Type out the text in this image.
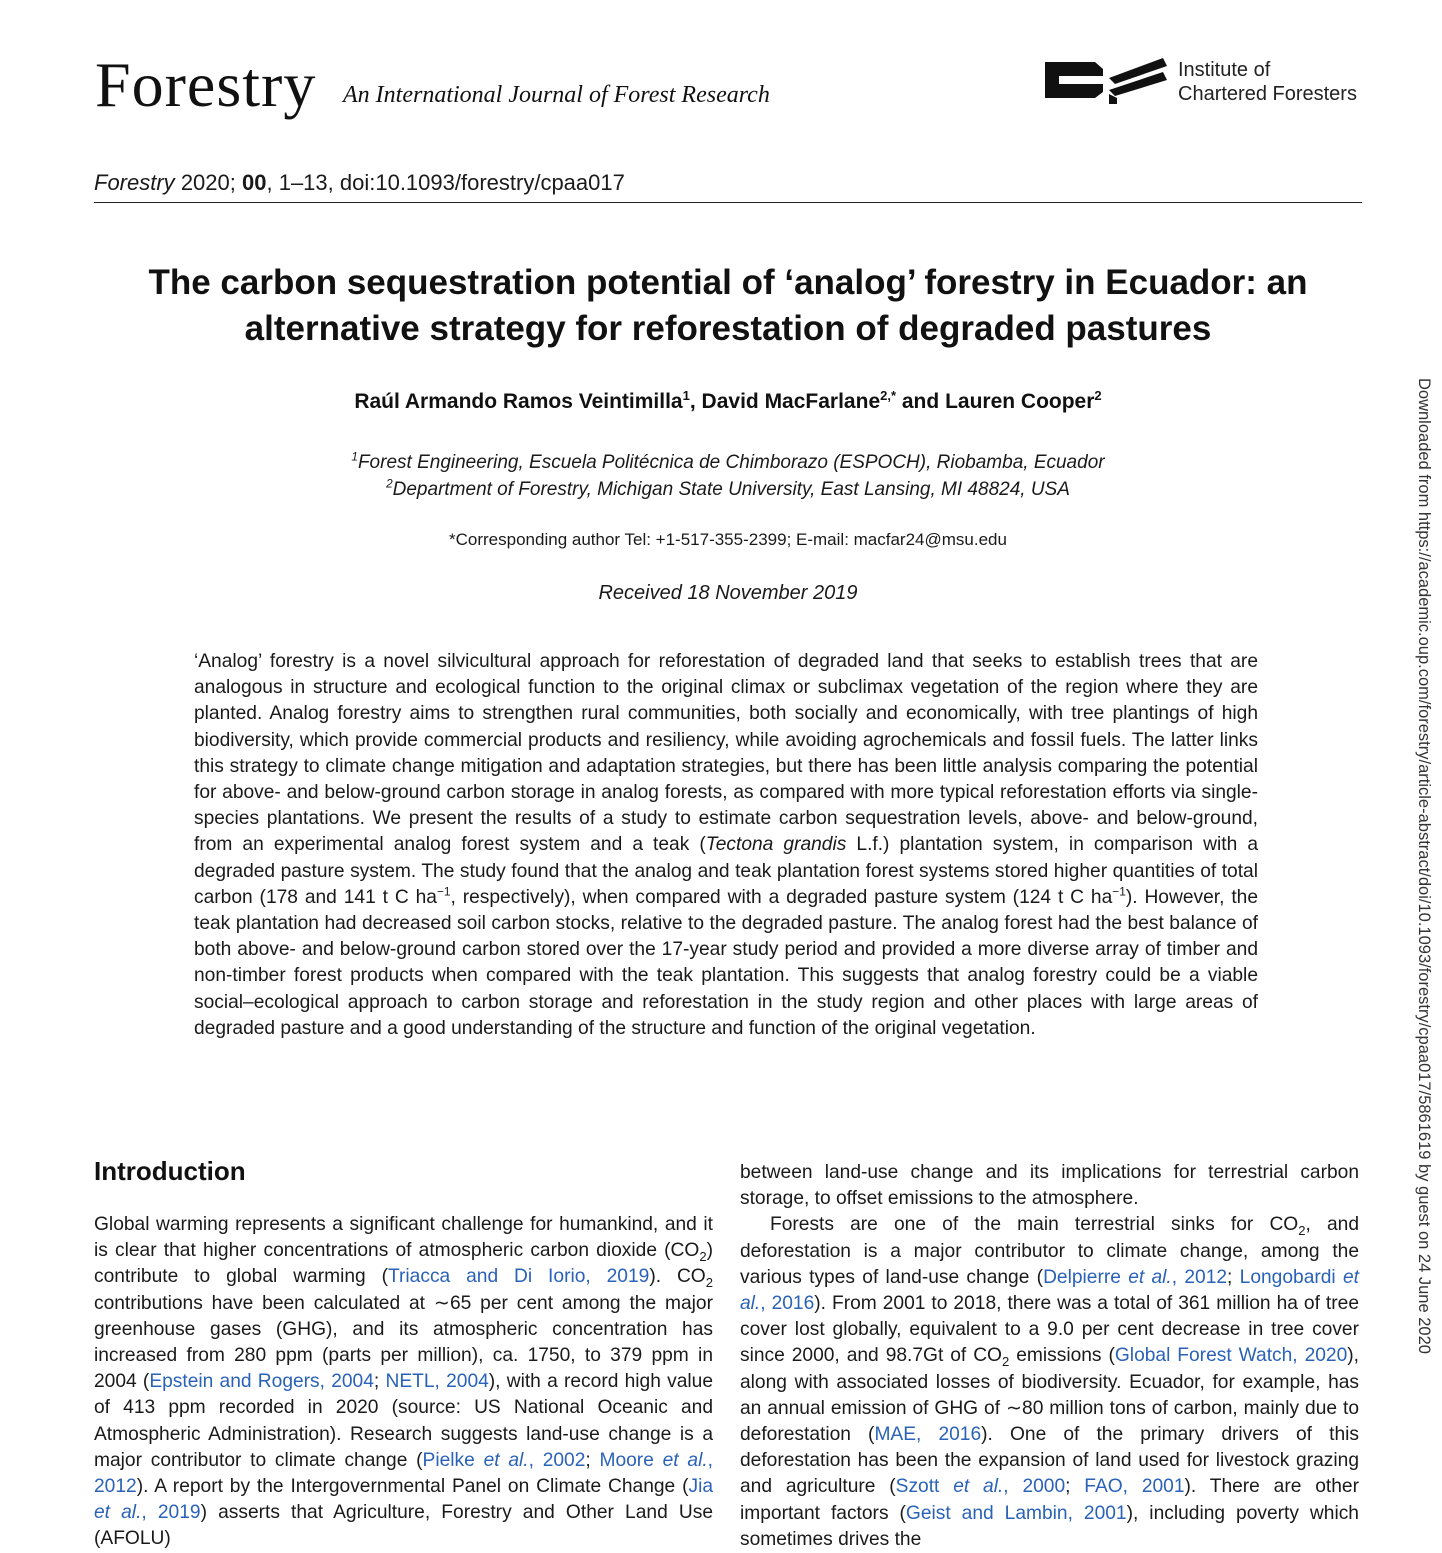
Forestry An International Journal of Forest Research
Institute of
Chartered Foresters
Forestry 2020; 00, 1–13, doi:10.1093/forestry/cpaa017
The carbon sequestration potential of ‘analog’ forestry in Ecuador: an
alternative strategy for reforestation of degraded pastures
Raúl Armando Ramos Veintimilla$^1$, David MacFarlane$^{2,*}$ and Lauren Cooper$^2$
$^1$Forest Engineering, Escuela Politécnica de Chimborazo (ESPOCH), Riobamba, Ecuador
$^2$Department of Forestry, Michigan State University, East Lansing, MI 48824, USA
*Corresponding author Tel: +1-517-355-2399; E-mail: macfar24@msu.edu
Received 18 November 2019
‘Analog’ forestry is a novel silvicultural approach for reforestation of degraded land that seeks to establish trees that are analogous in structure and ecological function to the original climax or subclimax vegetation of the region where they are planted. Analog forestry aims to strengthen rural communities, both socially and economically, with tree plantings of high biodiversity, which provide commercial products and resiliency, while avoiding agrochemicals and fossil fuels. The latter links this strategy to climate change mitigation and adaptation strategies, but there has been little analysis comparing the potential for above- and below-ground carbon storage in analog forests, as compared with more typical reforestation efforts via single-species plantations. We present the results of a study to estimate carbon sequestration levels, above- and below-ground, from an experimental analog forest system and a teak (Tectona grandis L.f.) plantation system, in comparison with a degraded pasture system. The study found that the analog and teak plantation forest systems stored higher quantities of total carbon (178 and 141 t C $ha^{-1}$, respectively), when compared with a degraded pasture system (124 t C $ha^{-1}$). However, the teak plantation had decreased soil carbon stocks, relative to the degraded pasture. The analog forest had the best balance of both above- and below-ground carbon stored over the 17-year study period and provided a more diverse array of timber and non-timber forest products when compared with the teak plantation. This suggests that analog forestry could be a viable social–ecological approach to carbon storage and reforestation in the study region and other places with large areas of degraded pasture and a good understanding of the structure and function of the original vegetation.
Introduction

Global warming represents a significant challenge for humankind, and it is clear that higher concentrations of atmospheric carbon dioxide $(CO_2)$ contribute to global warming (Triacca and Di Iorio, 2019). $CO_2$ contributions have been calculated at ∼65 per cent among the major greenhouse gases (GHG), and its atmospheric concentration has increased from 280 ppm (parts per million), ca. 1750, to 379 ppm in 2004 (Epstein and Rogers, 2004; NETL, 2004), with a record high value of 413 ppm recorded in 2020 (source: US National Oceanic and Atmospheric Administration). Research suggests land-use change is a major contributor to climate change (Pielke et al., 2002; Moore et al., 2012). A report by the Intergovernmental Panel on Climate Change (Jia et al., 2019) asserts that Agriculture, Forestry and Other Land Use (AFOLU)

between land-use change and its implications for terrestrial carbon storage, to offset emissions to the atmosphere.

Forests are one of the main terrestrial sinks for $CO_2$, and deforestation is a major contributor to climate change, among the various types of land-use change (Delpierre et al., 2012; Longobardi et al., 2016). From 2001 to 2018, there was a total of 361 million ha of tree cover lost globally, equivalent to a 9.0 per cent decrease in tree cover since 2000, and 98.7Gt of $CO_2$ emissions (Global Forest Watch, 2020), along with associated losses of biodiversity. Ecuador, for example, has an annual emission of GHG of ∼80 million tons of carbon, mainly due to deforestation (MAE, 2016). One of the primary drivers of this deforestation has been the expansion of land used for livestock grazing and agriculture (Szott et al., 2000; FAO, 2001). There are other important factors (Geist and Lambin, 2001), including poverty which sometimes drives the

Downloaded from https://academic.oup.com/forestry/article-abstract/doi/10.1093/forestry/cpaa017/5861619 by guest on 24 June 2020
